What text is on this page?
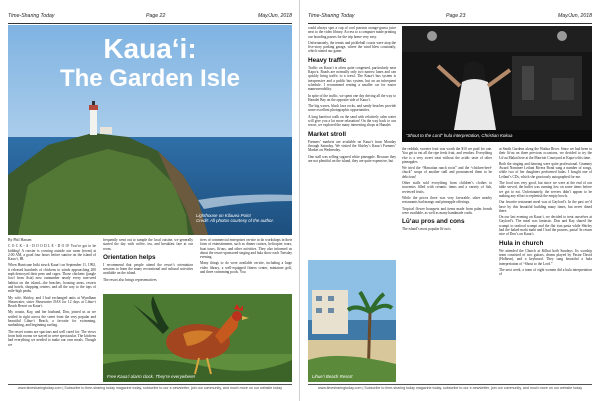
Time-Sharing Today	Page 22	May/Jun, 2018
Kaua‘i:
The Garden Isle
Lighthouse on Kilauea Point
Credit: All photos courtesy of the author.
By Phil Hassen

C O C K - A - D O O D L E - D O O! You’ve got to be kidding! A rooster is crowing outside our room (room) at 2:00 AM, a good four hours before sunrise on the island of Kaua‘i, HI.

When Hurricane Iniki struck Kaua‘i on September 11, 1992, it released hundreds of chickens to winds approaching 200 mph destroyed their pens and cages. Those chickens (jungle fowl from Asia) now outnumber nearly every non-seed habitat on the island—the beaches, housing areas, resorts and hotels, shopping centers, and all the way to the tops of mile-high peaks.

My wife, Shirley, and I had exchanged units at Wyndham Shearwater, sister Shearwater DAS for 12 days at Lihue‘i Beach Resort on Kaua‘i.

My cousin, Kay, and her husband, Don, joined us as we settled in right across the street from the very popular and beautiful Lihue‘i Beach, a favorite for swimming, sunbathing, and beginning surfing.

The resort rooms are spacious and well cared for. The views from both rooms we stayed in were spectacular. The kitchens had everything we needed to make our own meals. Though we

frequently went out to sample the local cuisine, we generally started the day with coffee, tea, and breakfast fare at our room.

Orientation helps

I recommend that people attend the resort’s orientation sessions to learn the many recreational and cultural activities available on the island.

The resort also brings representatives

tives of commercial enterprises on-site to do workshops in their form of entertainment, such as dinner cruises, helicopter tours, boat tours, lū‘aus, and other activities. They also informed us about the resort-sponsored singing and hula show each Tuesday evening.

Many things to do were available on-site, including a huge video library, a well-equipped fitness center, miniature golf, and three swimming pools. You

Free Kaua‘i alarm clock. They’re everywhere!
www.timesharingtoday.com | Subscribe to time-sharing today magazine today, subscribe to our e-newsletter, join our community, and much more on our website today
Time-Sharing Today	Page 23	May/Jun, 2018

could always spot a cup of cool passion orange-guava juice next to the video library. Access to a computer made printing our boarding passes for the trip home very easy.

Unfortunately, the tennis and pickleball courts were atop the five-story parking garage, where the wind blew constantly, which ruined our game.

Heavy traffic

Traffic on Kaua‘i is often quite congested, particularly near Kapa‘a. Roads are normally only two narrow lanes and can quickly bring traffic to a crawl. The Kaua‘i bus system is inexpensive and a public bus system, but on an infrequent schedule. I recommend renting a smaller car for easier maneuverability.

In spite of the traffic, we spent one day driving all the way to Hanalei Bay on the opposite side of Kaua‘i.

The big waves, black lava rocks, and sandy beaches provide some excellent photographic opportunities.

A long barefoot walk on the sand with relatively calm water will give you a lot more relaxation! On the way back to our resort, we explored the many interesting shops at Hanalei.

Market stroll

Farmers’ markets are available on Kaua‘i from Monday through Saturday. We visited the Shirley’s Kaua‘i Farmers’ Market on Wednesday.

One stall was selling sugared white pineapple. Because they are not plentiful on the island, they are quite expensive, but

“Shout to the Lord” hula interpretation, Christian Kokua

the reddish, sweeter fruit was worth the $10 we paid for one. You get to eat all the ripe fresh fruit, and vendors. Everything else is a very sweet treat without the acidic taste of other pineapples.

We tried the “Hawaiian ranch roots” and the “chicken-beef-chuck” soups of another stall and pronounced them to be delicious!

Other stalls sold everything from children’s clothes to souvenirs filled with ceramic items and a variety of fish, reviewed fruits.

While the prices there was very favorable, other nearby restaurants had mango and pineapple offerings.

Tropical flower bouquets and items made from palm fronds were available, as well as many handmade crafts.

Lū‘au pros and cons

The island’s most popular lū‘au is

at Smith Gardens along the Wailua River. Since we had been to their lū‘au on three previous occasions, we decided to try the Lū‘au Makai here at the Marriott Courtyard at Kapa‘a this time.

Both the singing and dancing were quite professional. Grammy Award Nominee Leilani Rivera Bond sang a number of songs, while two of her daughters performed hulas. I bought one of Leilani’s CDs, which she graciously autographed for me.

The food was very good, but since we were at the end of our table served, the buffet was running low on some items before we got to eat. Unfortunately, the servers didn’t appear to be making any effort to replenish the empty bowls.

Our favorite restaurant meal was at Gaylord’s. In the past we’d have by this beautiful building many times, but never dined there.

On our last evening on Kaua‘i, we decided to treat ourselves at Gaylord’s. The meal was fantastic. Don and Kay shared the scampi to seafood scampi and the flat iron pasta while Shirley had the baked mahi mahi and I had the prawns, pasta! In return nice of Don’s on Kaua‘i.

Hula in church

We attended the Church at Kilbai both Sundays. Its worship team consisted of two guitars, drums played by Pastor David (Holbern), and a keyboard. They sang beautiful a hula interpretation of “Shout to the Lord.”

The next week, a team of eight women did a hula interpretation of

Lihue‘i Beach Resort
www.timesharingtoday.com | Subscribe to time-sharing today magazine today, subscribe to our e-newsletter, join our community, and much more on our website today
